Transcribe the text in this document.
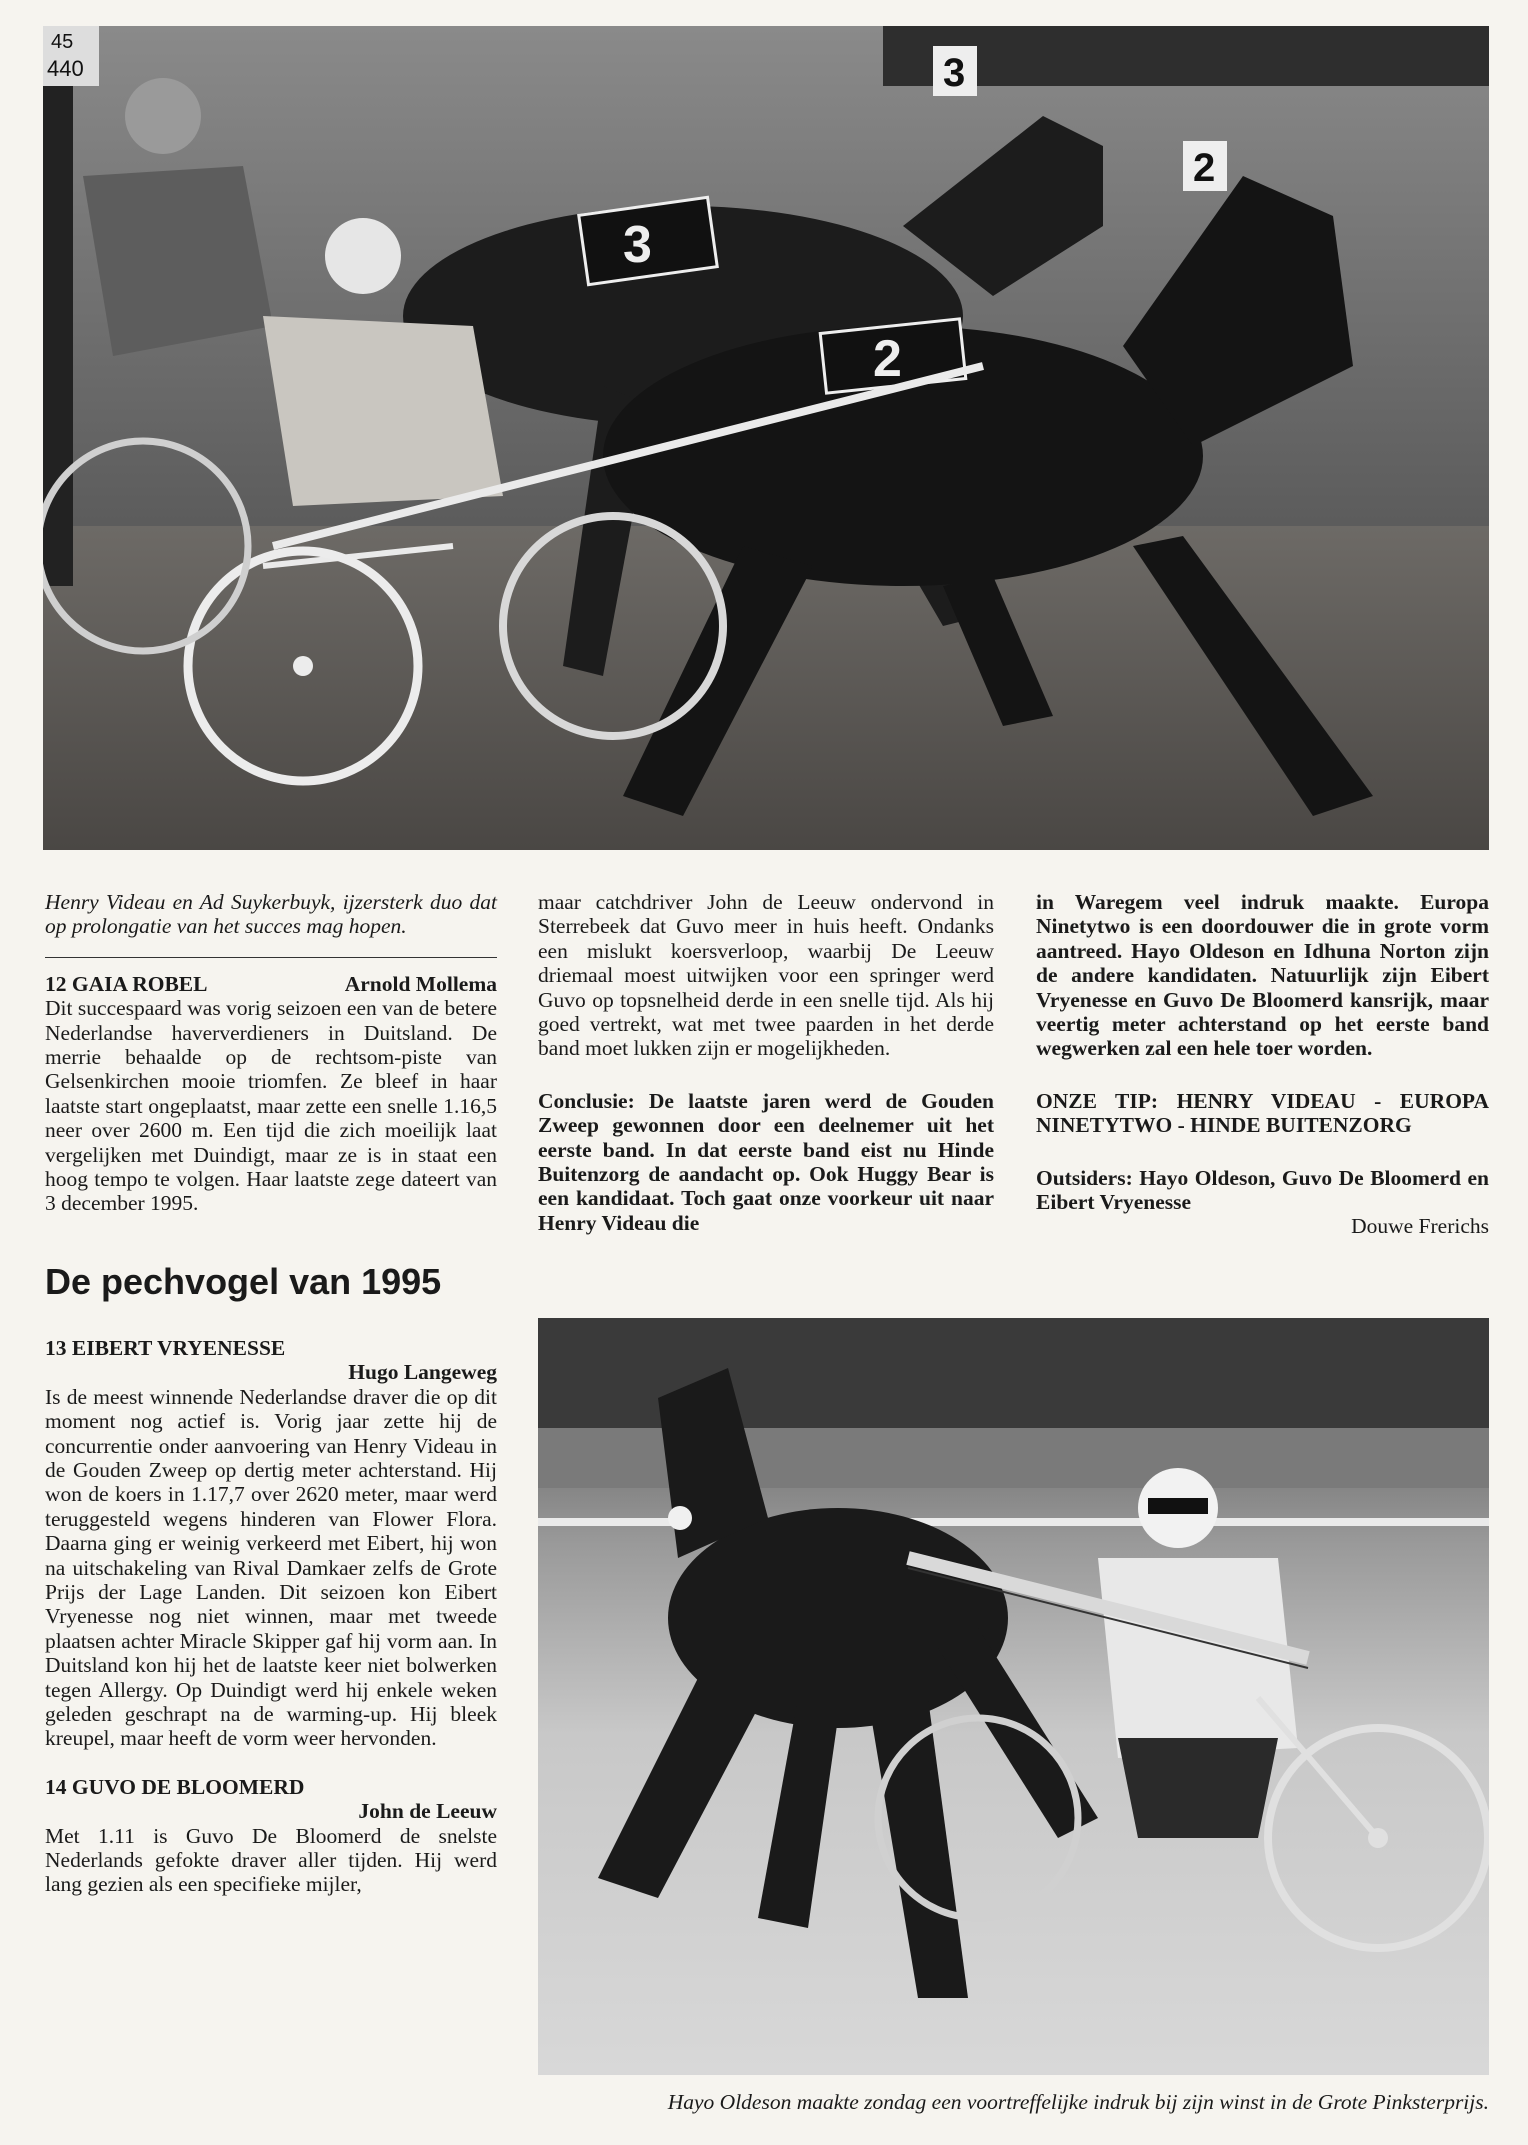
45
440
3
2
3
2

Henry Videau en Ad Suykerbuyk, ijzersterk duo dat op prolongatie van het succes mag hopen.

12 GAIA ROBEL	Arnold Mollema

Dit succespaard was vorig seizoen een van de betere Nederlandse haververdieners in Duitsland. De merrie behaalde op de rechtsom-piste van Gelsenkirchen mooie triomfen. Ze bleef in haar laatste start ongeplaatst, maar zette een snelle 1.16,5 neer over 2600 m. Een tijd die zich moeilijk laat vergelijken met Duindigt, maar ze is in staat een hoog tempo te volgen. Haar laatste zege dateert van 3 december 1995.

De pechvogel van 1995
13 EIBERT VRYENESSE
Hugo Langeweg

Is de meest winnende Nederlandse draver die op dit moment nog actief is. Vorig jaar zette hij de concurrentie onder aanvoering van Henry Videau in de Gouden Zweep op dertig meter achterstand. Hij won de koers in 1.17,7 over 2620 meter, maar werd teruggesteld wegens hinderen van Flower Flora. Daarna ging er weinig verkeerd met Eibert, hij won na uitschakeling van Rival Damkaer zelfs de Grote Prijs der Lage Landen. Dit seizoen kon Eibert Vryenesse nog niet winnen, maar met tweede plaatsen achter Miracle Skipper gaf hij vorm aan. In Duitsland kon hij het de laatste keer niet bolwerken tegen Allergy. Op Duindigt werd hij enkele weken geleden geschrapt na de warming-up. Hij bleek kreupel, maar heeft de vorm weer hervonden.

14 GUVO DE BLOOMERD
John de Leeuw

Met 1.11 is Guvo De Bloomerd de snelste Nederlands gefokte draver aller tijden. Hij werd lang gezien als een specifieke mijler,

maar catchdriver John de Leeuw ondervond in Sterrebeek dat Guvo meer in huis heeft. Ondanks een mislukt koersverloop, waarbij De Leeuw driemaal moest uitwijken voor een springer werd Guvo op topsnelheid derde in een snelle tijd. Als hij goed vertrekt, wat met twee paarden in het derde band moet lukken zijn er mogelijkheden.

Conclusie: De laatste jaren werd de Gouden Zweep gewonnen door een deelnemer uit het eerste band. In dat eerste band eist nu Hinde Buitenzorg de aandacht op. Ook Huggy Bear is een kandidaat. Toch gaat onze voorkeur uit naar Henry Videau die

in Waregem veel indruk maakte. Europa Ninetytwo is een doordouwer die in grote vorm aantreed. Hayo Oldeson en Idhuna Norton zijn de andere kandidaten. Natuurlijk zijn Eibert Vryenesse en Guvo De Bloomerd kansrijk, maar veertig meter achterstand op het eerste band wegwerken zal een hele toer worden.

ONZE TIP: HENRY VIDEAU - EUROPA NINETYTWO - HINDE BUITENZORG

Outsiders: Hayo Oldeson, Guvo De Bloomerd en Eibert Vryenesse

Douwe Frerichs

Hayo Oldeson maakte zondag een voortreffelijke indruk bij zijn winst in de Grote Pinksterprijs.
